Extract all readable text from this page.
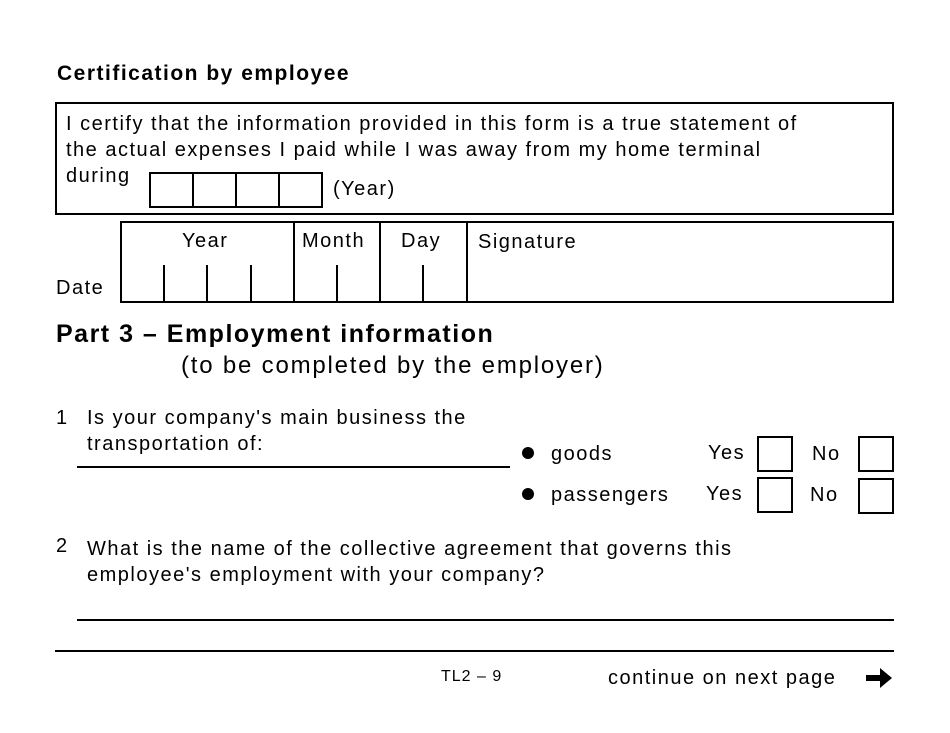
Certification by employee
I certify that the information provided in this form is a true statement of
the actual expenses I paid while I was away from my home terminal
during
(Year)
Date
Year	Month Day Signature
Part 3 – Employment information
(to be completed by the employer)
1 Is your company's main business the
transportation of:	goods	Yes	No
passengers Yes	No
2 What is the name of the collective agreement that governs this
employee's employment with your company?
TL2 – 9	continue on next page
